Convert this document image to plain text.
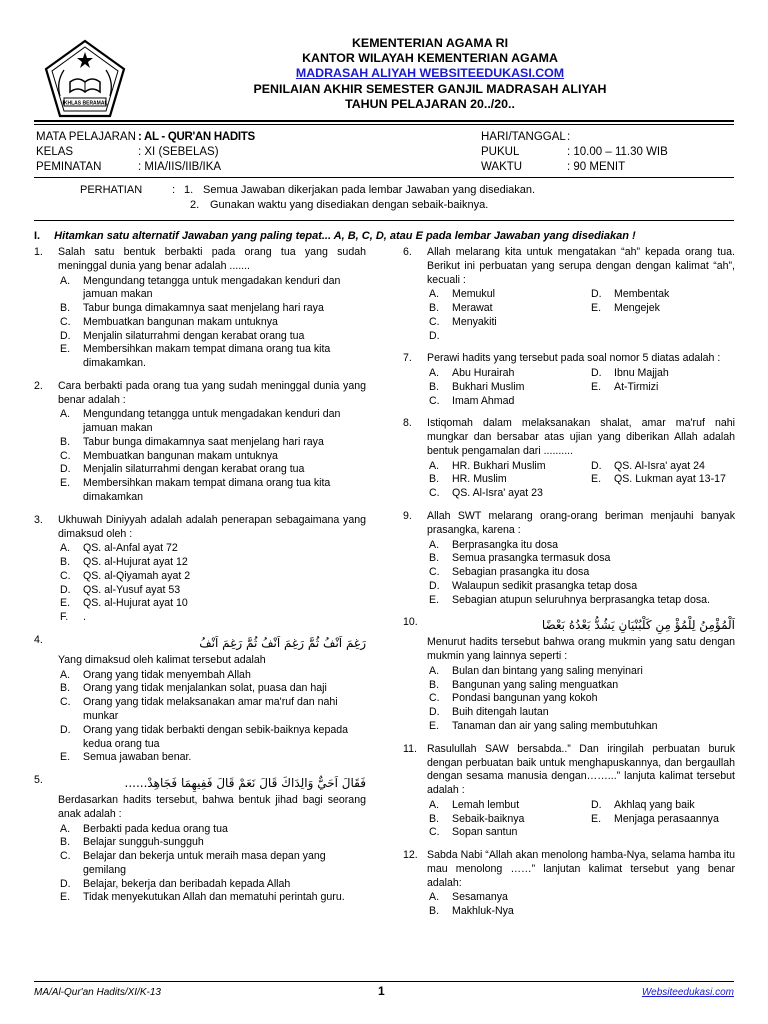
IKHLAS BERAMAL
KEMENTERIAN AGAMA RI
KANTOR WILAYAH KEMENTERIAN AGAMA
MADRASAH ALIYAH WEBSITEEDUKASI.COM
PENILAIAN AKHIR SEMESTER GANJIL MADRASAH ALIYAH
TAHUN PELAJARAN 20../20..
MATA PELAJARAN : AL - QUR'AN HADITS
KELAS	: XI (SEBELAS)
PEMINATAN	: MIA/IIS/IIB/IKA
HARI/TANGGAL :
PUKUL	: 10.00 – 11.30 WIB
WAKTU	: 90 MENIT
PERHATIAN	: 1. Semua Jawaban dikerjakan pada lembar Jawaban yang disediakan.
2. Gunakan waktu yang disediakan dengan sebaik-baiknya.
I. Hitamkan satu alternatif Jawaban yang paling tepat... A, B, C, D, atau E pada lembar Jawaban yang disediakan !
1. Salah satu bentuk berbakti pada orang tua yang sudah meninggal dunia yang benar adalah .......
A. Mengundang tetangga untuk mengadakan kenduri dan jamuan makan
B. Tabur bunga dimakamnya saat menjelang hari raya
C. Membuatkan bangunan makam untuknya
D. Menjalin silaturrahmi dengan kerabat orang tua
E. Membersihkan makam tempat dimana orang tua kita dimakamkan.
2. Cara berbakti pada orang tua yang sudah meninggal dunia yang benar adalah :
A. Mengundang tetangga untuk mengadakan kenduri dan jamuan makan
B. Tabur bunga dimakamnya saat menjelang hari raya
C. Membuatkan bangunan makam untuknya
D. Menjalin silaturrahmi dengan kerabat orang tua
E. Membersihkan makam tempat dimana orang tua kita dimakamkan
3. Ukhuwah Diniyyah adalah adalah penerapan sebagaimana yang dimaksud oleh :
A. QS. al-Anfal ayat 72
B. QS. al-Hujurat ayat 12
C. QS. al-Qiyamah ayat 2
D. QS. al-Yusuf ayat 53
E. QS. al-Hujurat ayat 10
F. .
4.	رَغِمَ اَنْفُ ثُمَّ رَغِمَ اَنْفُ ثُمَّ رَغِمَ اَنْفُ
Yang dimaksud oleh kalimat tersebut adalah
A. Orang yang tidak menyembah Allah
B. Orang yang tidak menjalankan solat, puasa dan haji
C. Orang yang tidak melaksanakan amar ma'ruf dan nahi munkar
D. Orang yang tidak berbakti dengan sebik-baiknya kepada kedua orang tua
E. Semua jawaban benar.
5.	فَقَالَ اَحَيٌّ وَالِدَاكَ قَالَ نَعَمْ قَالَ فَفِيهِمَا فَجَاهِدْ......
Berdasarkan hadits tersebut, bahwa bentuk jihad bagi seorang anak adalah :
A. Berbakti pada kedua orang tua
B. Belajar sungguh-sungguh
C. Belajar dan bekerja untuk meraih masa depan yang gemilang
D. Belajar, bekerja dan beribadah kepada Allah
E. Tidak menyekutukan Allah dan mematuhi perintah guru.
6. Allah melarang kita untuk mengatakan “ah” kepada orang tua. Berikut ini perbuatan yang serupa dengan dengan kalimat “ah”, kecuali :
A. Memukul	D. Membentak
B. Merawat	E. Mengejek
C. Menyakiti

D.

7. Perawi hadits yang tersebut pada soal nomor 5 diatas adalah :
A. Abu Hurairah	D. Ibnu Majjah
B. Bukhari Muslim	E. At-Tirmizi
C. Imam Ahmad

8. Istiqomah dalam melaksanakan shalat, amar ma'ruf nahi mungkar dan bersabar atas ujian yang diberikan Allah adalah bentuk pengamalan dari ..........
A. HR. Bukhari Muslim	D. QS. Al-Isra' ayat 24
B. HR. Muslim	E. QS. Lukman ayat 13-17
C. QS. Al-Isra' ayat 23

9. Allah SWT melarang orang-orang beriman menjauhi banyak prasangka, karena :
A. Berprasangka itu dosa
B. Semua prasangka termasuk dosa
C. Sebagian prasangka itu dosa
D. Walaupun sedikit prasangka tetap dosa
E. Sebagian atupun seluruhnya berprasangka tetap dosa.
10.	اَلْمُؤْمِنُ لِلْمُؤْ مِنِ كَلْبُنْيَانِ يَشُدُّ بَعْدُهُ بَعْضًا
Menurut hadits tersebut bahwa orang mukmin yang satu dengan mukmin yang lainnya seperti :
A. Bulan dan bintang yang saling menyinari
B. Bangunan yang saling menguatkan
C. Pondasi bangunan yang kokoh
D. Buih ditengah lautan
E. Tanaman dan air yang saling membutuhkan
11. Rasulullah SAW bersabda..” Dan iringilah perbuatan buruk dengan perbuatan baik untuk menghapuskannya, dan bergaullah dengan sesama manusia dengan……...” lanjuta kalimat tersebut adalah :
A. Lemah lembut	D. Akhlaq yang baik
B. Sebaik-baiknya	E. Menjaga perasaannya
C. Sopan santun

12. Sabda Nabi “Allah akan menolong hamba-Nya, selama hamba itu mau menolong ……” lanjutan kalimat tersebut yang benar adalah:
A. Sesamanya
B. Makhluk-Nya
MA/Al-Qur'an Hadits/XI/K-13	1	Websiteedukasi.com
